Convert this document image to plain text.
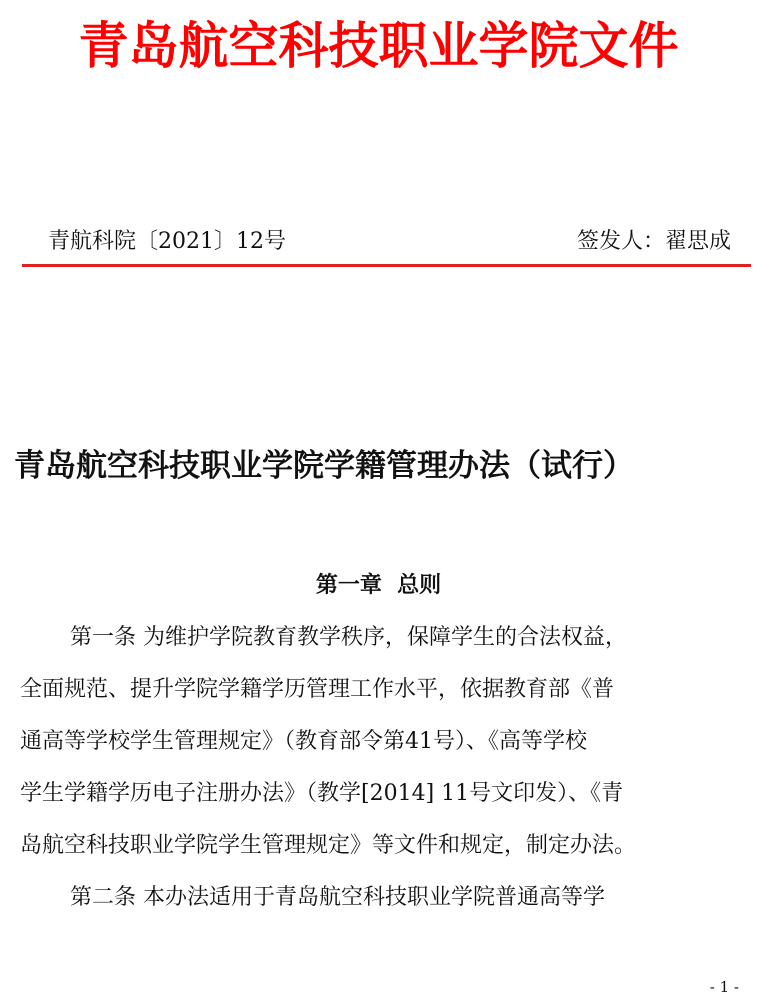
青岛航空科技职业学院文件
青航科院〔2021〕12号	签发人：翟思成
青岛航空科技职业学院学籍管理办法（试行）
第一章  总则
第一条 为维护学院教育教学秩序，保障学生的合法权益，
全面规范、提升学院学籍学历管理工作水平，依据教育部《普
通高等学校学生管理规定》（教育部令第41号）、《高等学校
学生学籍学历电子注册办法》（教学[2014] 11号文印发）、《青
岛航空科技职业学院学生管理规定》等文件和规定，制定办法。
第二条 本办法适用于青岛航空科技职业学院普通高等学
- 1 -
